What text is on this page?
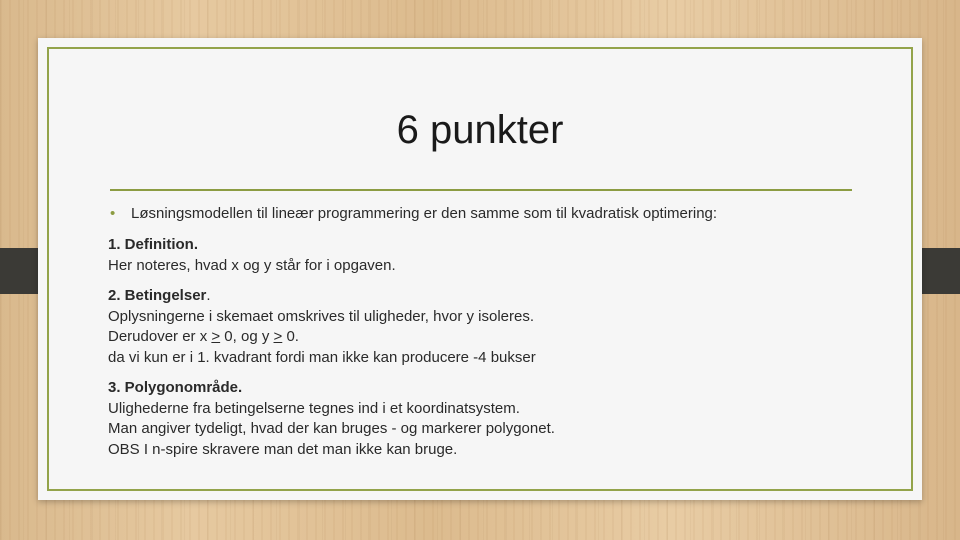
6 punkter
• Løsningsmodellen til lineær programmering er den samme som til kvadratisk optimering:
1. Definition.
Her noteres, hvad x og y står for i opgaven.
2. Betingelser.
Oplysningerne i skemaet omskrives til uligheder, hvor y isoleres.
Derudover er x ≥ 0, og y ≥ 0.
da vi kun er i 1. kvadrant fordi man ikke kan producere -4 bukser
3. Polygonområde.
Ulighederne fra betingelserne tegnes ind i et koordinatsystem.
Man angiver tydeligt, hvad der kan bruges - og markerer polygonet.
OBS I n-spire skravere man det man ikke kan bruge.
